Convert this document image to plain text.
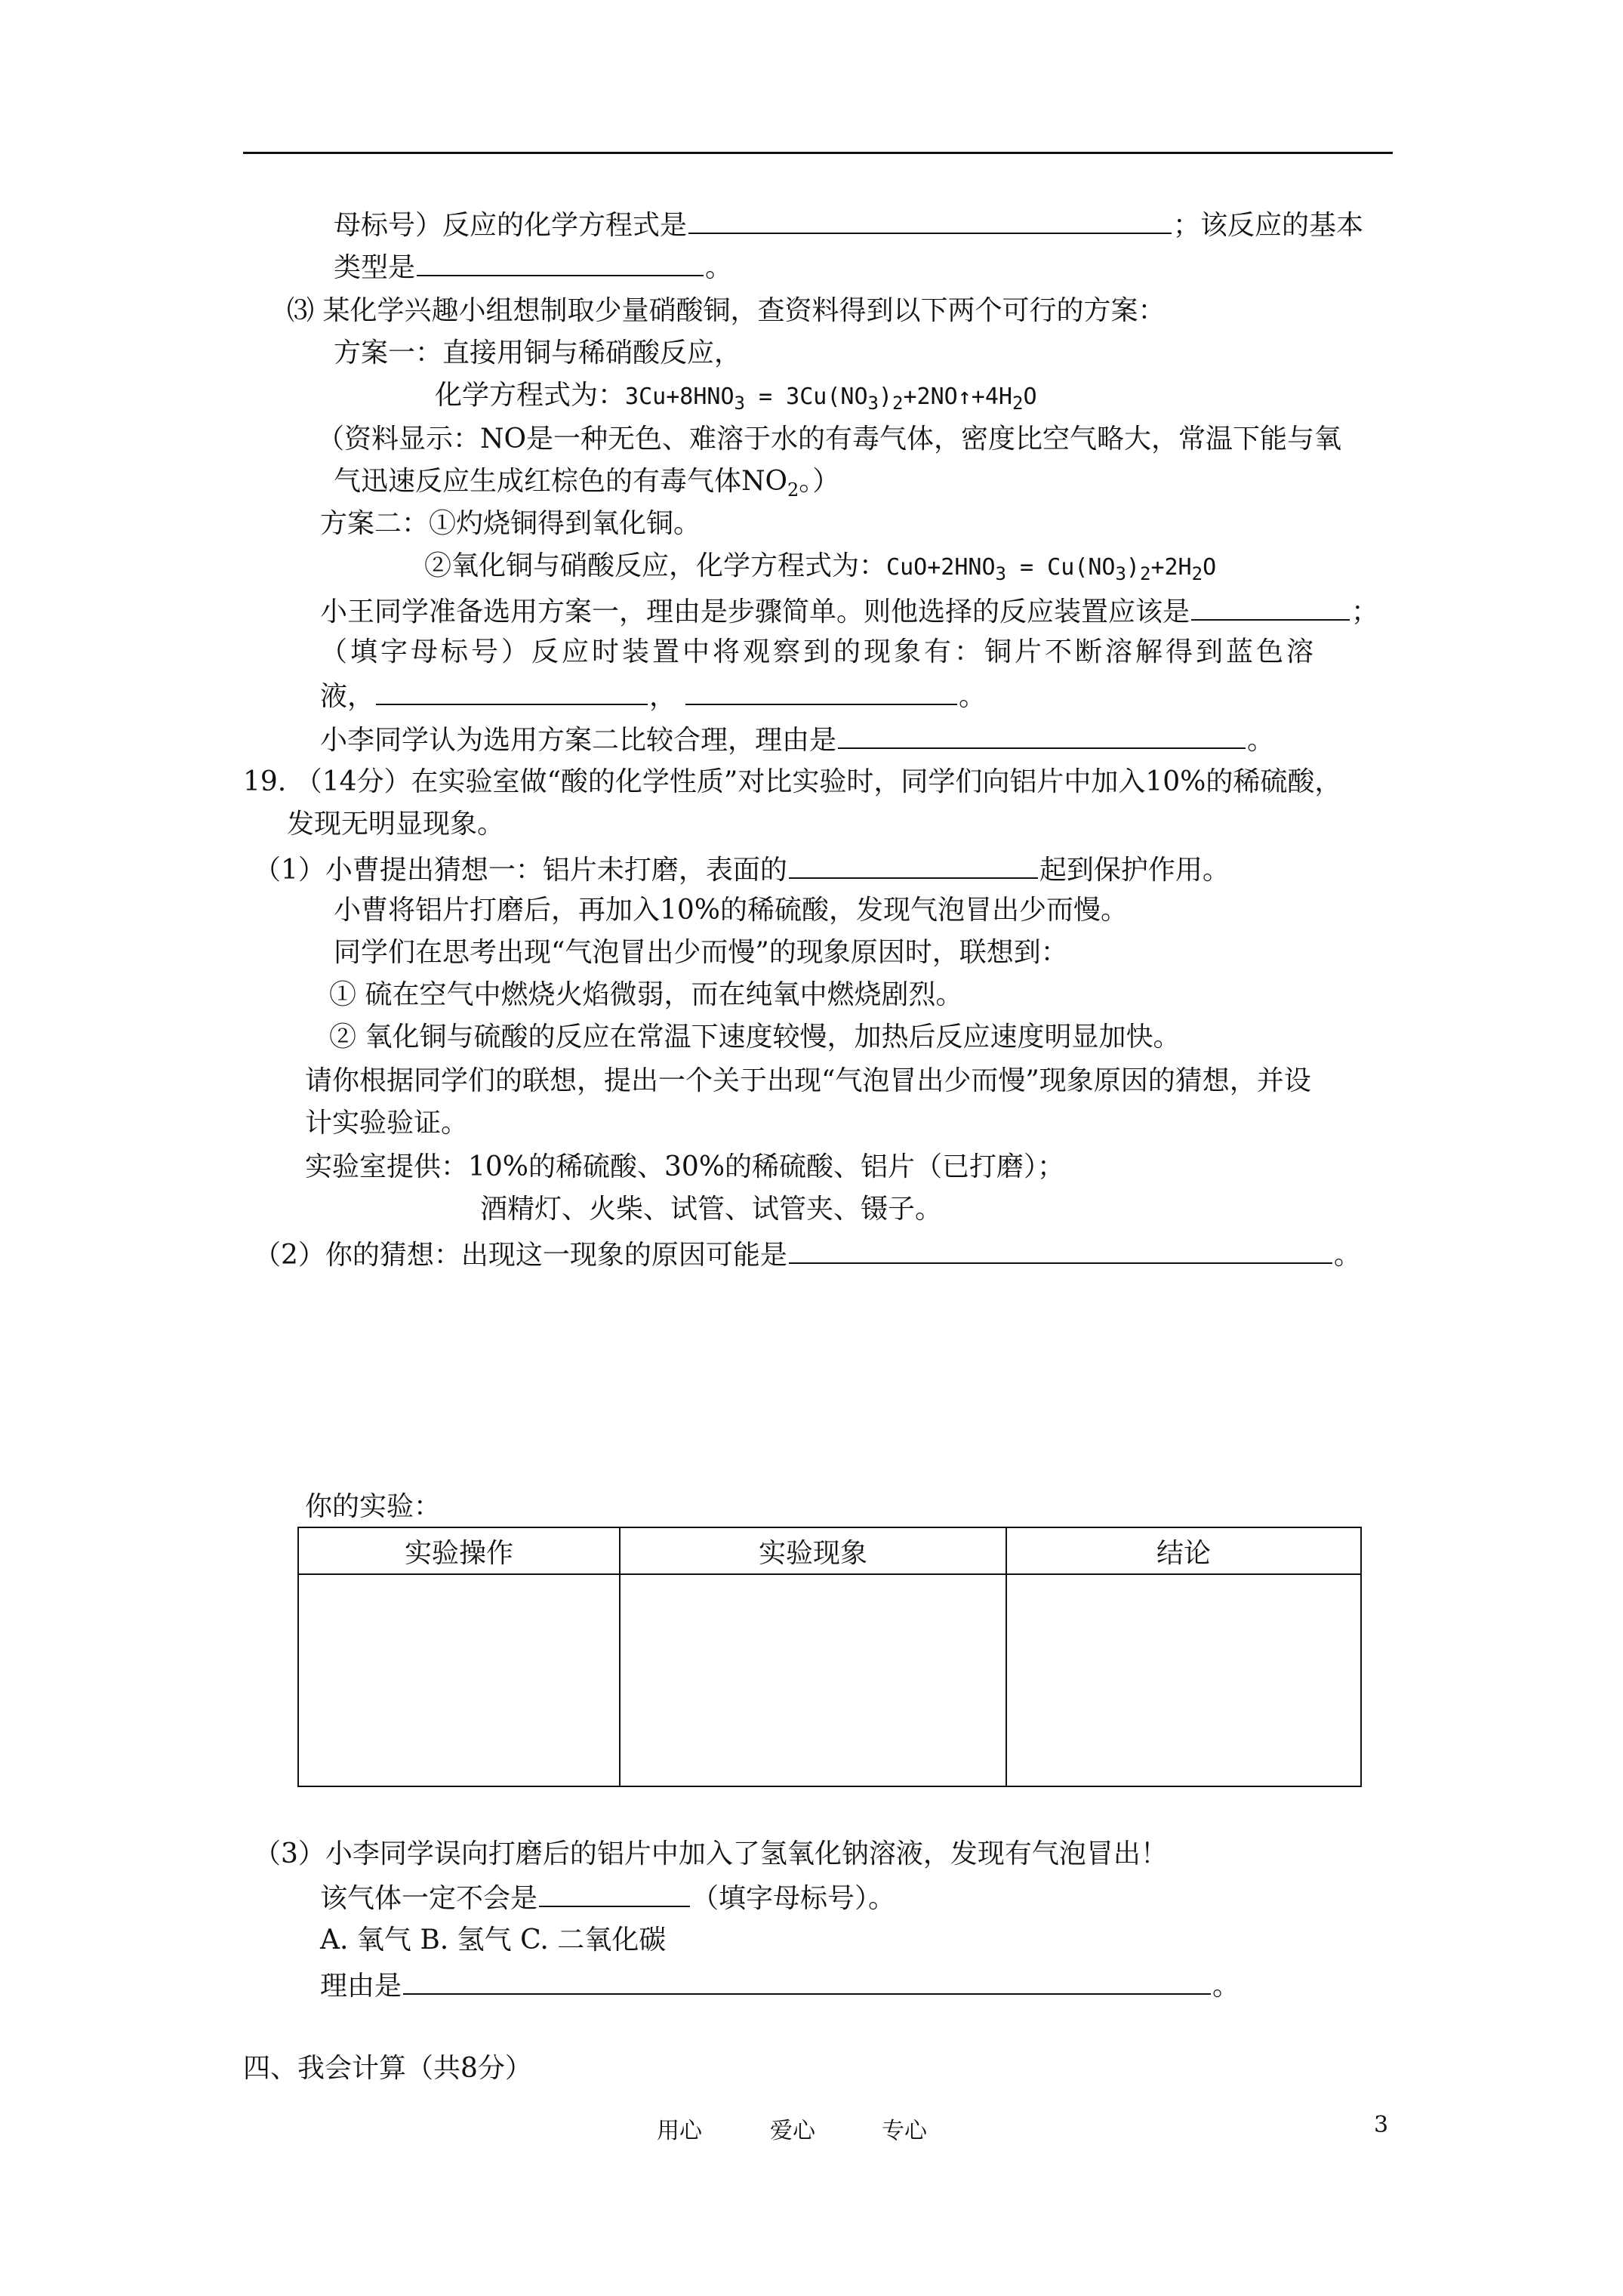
母标号）反应的化学方程式是	；该反应的基本
类型是	。
⑶ 某化学兴趣小组想制取少量硝酸铜，查资料得到以下两个可行的方案：
方案一：直接用铜与稀硝酸反应，
化学方程式为：$3Cu+8HNO_3$ = $3Cu(NO_3)_2+2NO↑+4H_2O$
（资料显示：NO是一种无色、难溶于水的有毒气体，密度比空气略大，常温下能与氧
气迅速反应生成红棕色的有毒气体$NO_2$。）
方案二：①灼烧铜得到氧化铜。
②氧化铜与硝酸反应，化学方程式为：$CuO+2HNO_3 = Cu(NO_3)_2+2H_2O$
小王同学准备选用方案一，理由是步骤简单。则他选择的反应装置应该是	；
（填字母标号）反应时装置中将观察到的现象有：铜片不断溶解得到蓝色溶
液，	，	。
小李同学认为选用方案二比较合理，理由是	。
19. （14分）在实验室做“酸的化学性质”对比实验时，同学们向铝片中加入10%的稀硫酸，
发现无明显现象。
（1）小曹提出猜想一：铝片未打磨，表面的	起到保护作用。
小曹将铝片打磨后，再加入10%的稀硫酸，发现气泡冒出少而慢。
同学们在思考出现“气泡冒出少而慢”的现象原因时，联想到：
① 硫在空气中燃烧火焰微弱，而在纯氧中燃烧剧烈。
② 氧化铜与硫酸的反应在常温下速度较慢，加热后反应速度明显加快。
请你根据同学们的联想，提出一个关于出现“气泡冒出少而慢”现象原因的猜想，并设
计实验验证。
实验室提供：10%的稀硫酸、30%的稀硫酸、铝片（已打磨）；
酒精灯、火柴、试管、试管夹、镊子。
（2）你的猜想：出现这一现象的原因可能是	。
你的实验：
实验操作	实验现象	结论

（3）小李同学误向打磨后的铝片中加入了氢氧化钠溶液，发现有气泡冒出！
该气体一定不会是	（填字母标号）。
A. 氧气 B. 氢气 C. 二氧化碳
理由是	。
四、我会计算（共8分）
用心	爱心	专心	3
